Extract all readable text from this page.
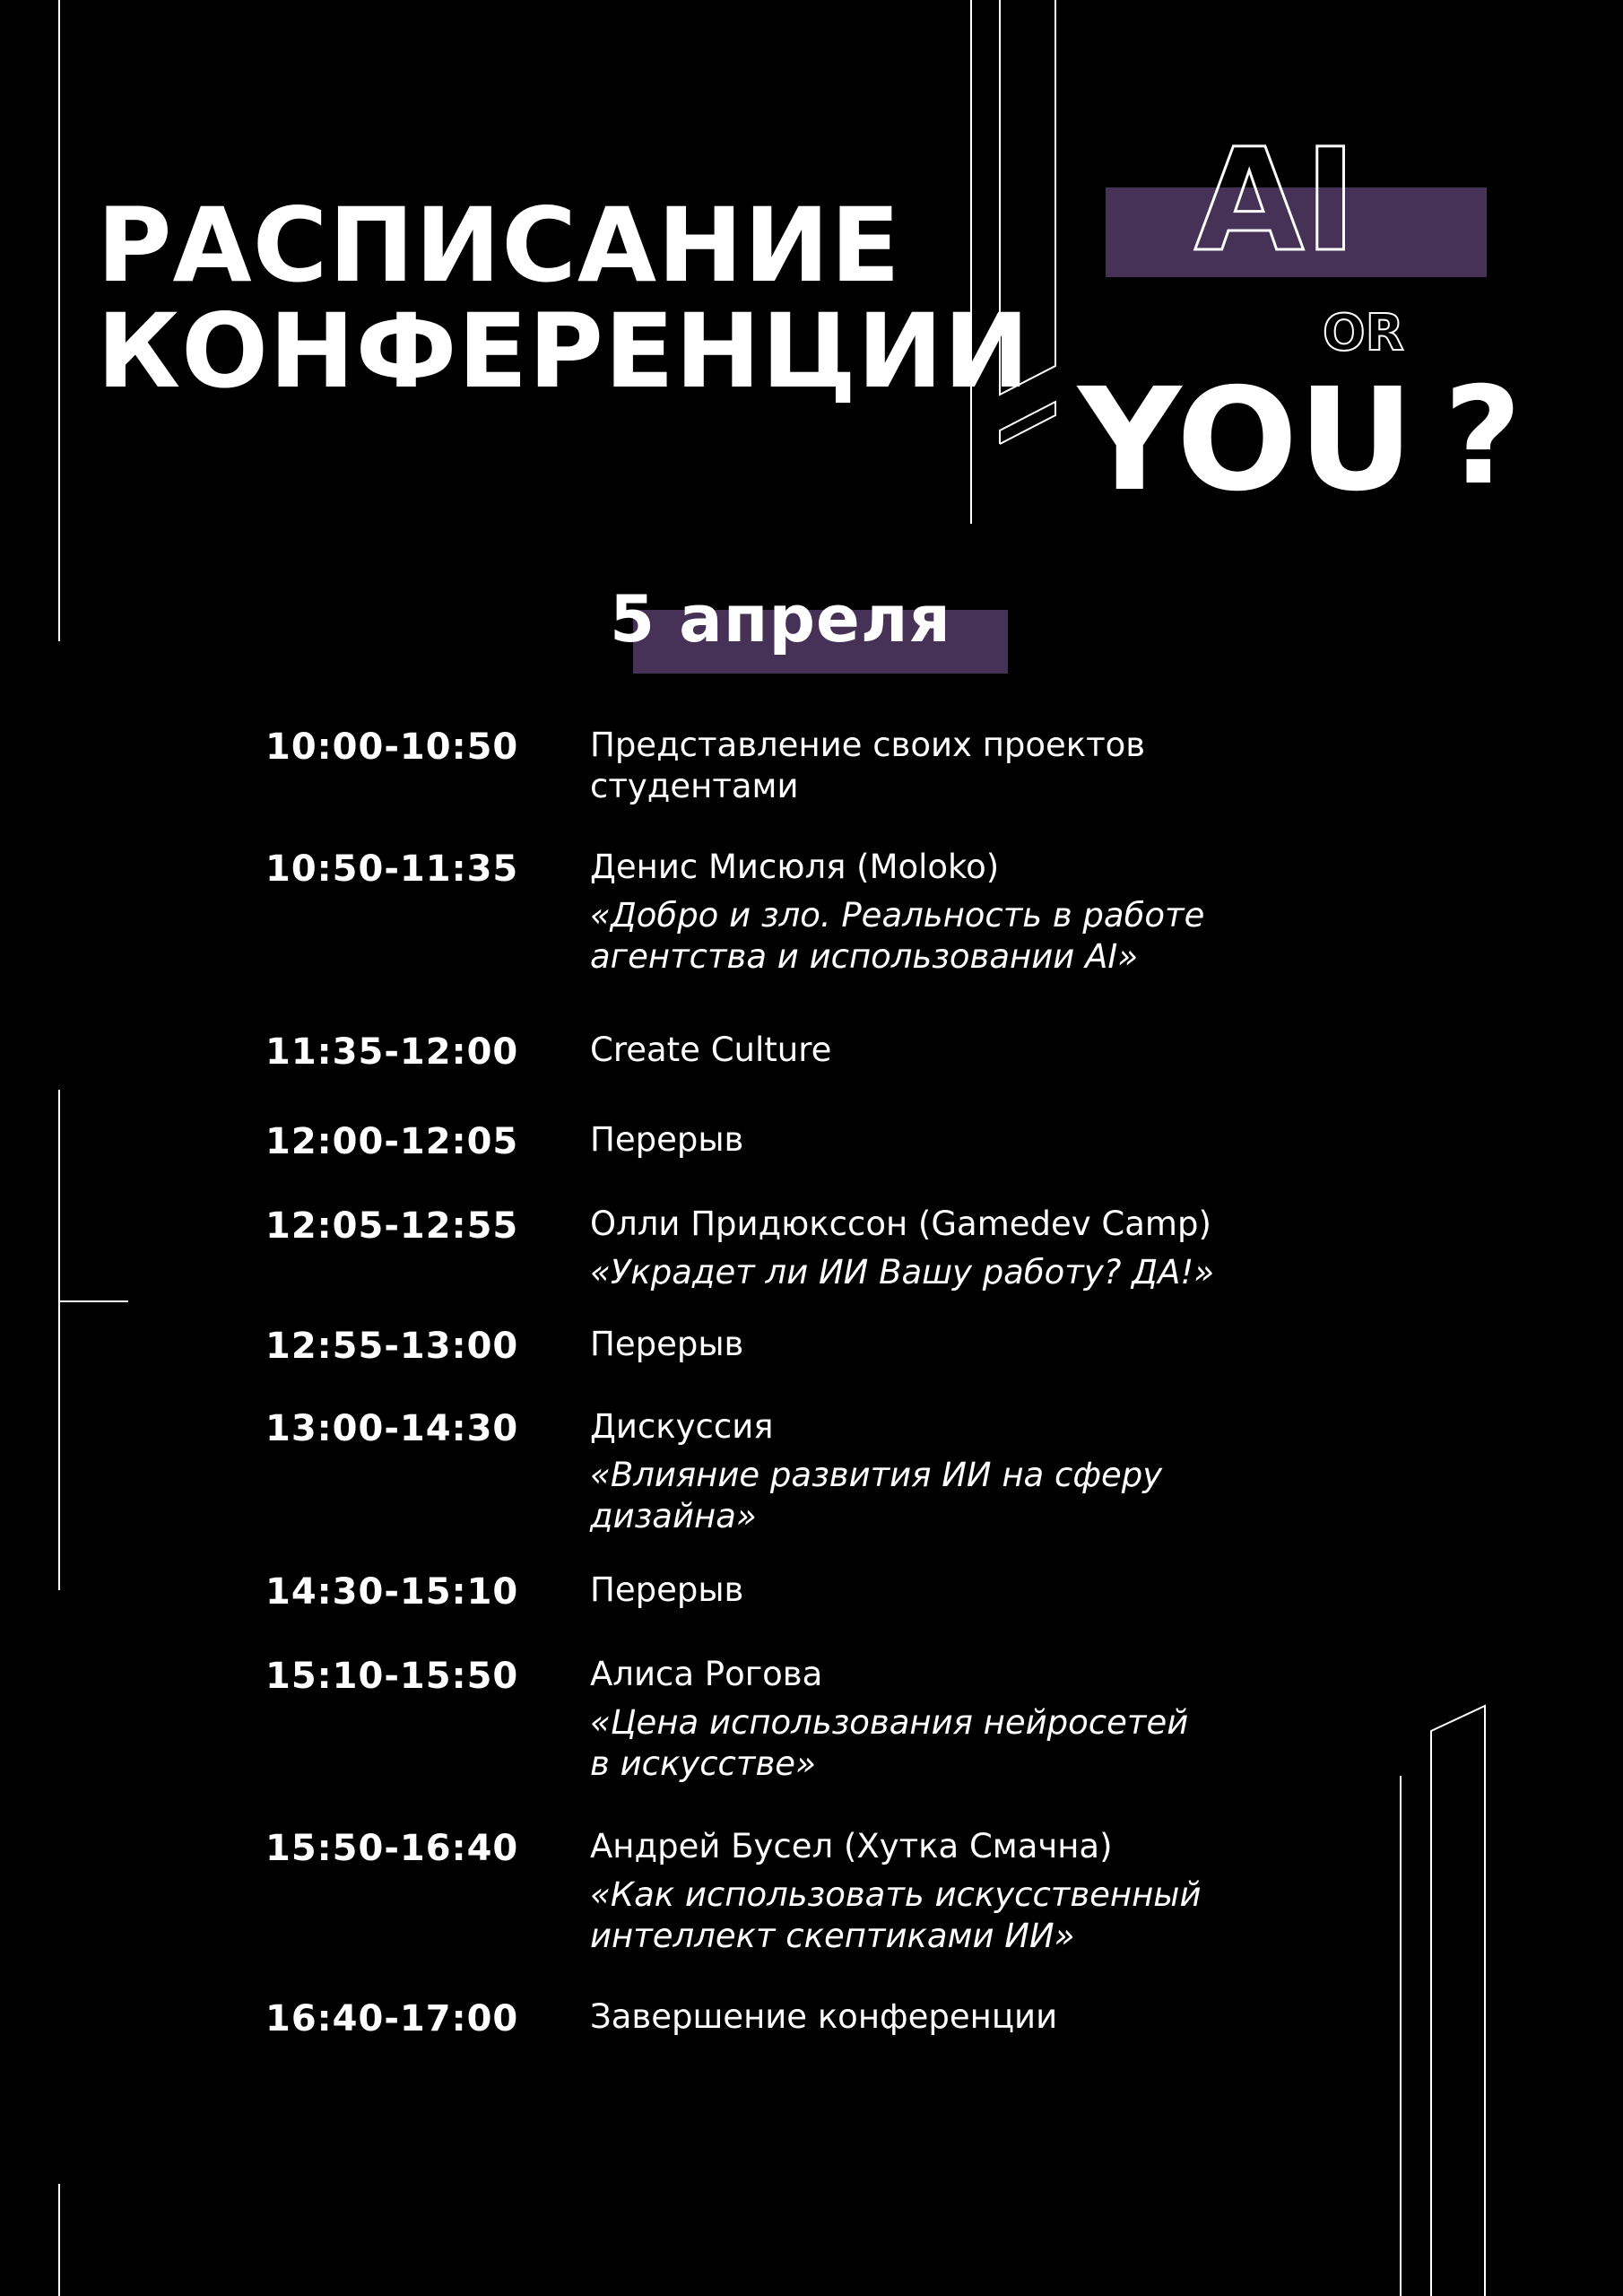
РАСПИСАНИЕ
КОНФЕРЕНЦИИ
AI
OR
YOU ?
5 апреля
10:00-10:50	Представление своих проектов студентами
10:50-11:35	Денис Мисюля (Moloko)
«Добро и зло. Реальность в работе агентства и использовании AI»
11:35-12:00	Create Culture
12:00-12:05	Перерыв
12:05-12:55	Олли Придюкссон (Gamedev Camp)
«Украдет ли ИИ Вашу работу? ДА!»
12:55-13:00	Перерыв
13:00-14:30	Дискуссия
«Влияние развития ИИ на сферу дизайна»
14:30-15:10	Перерыв
15:10-15:50	Алиса Рогова
«Цена использования нейросетей в искусстве»
15:50-16:40	Андрей Бусел (Хутка Смачна)
«Как использовать искусственный интеллект скептиками ИИ»
16:40-17:00	Завершение конференции
